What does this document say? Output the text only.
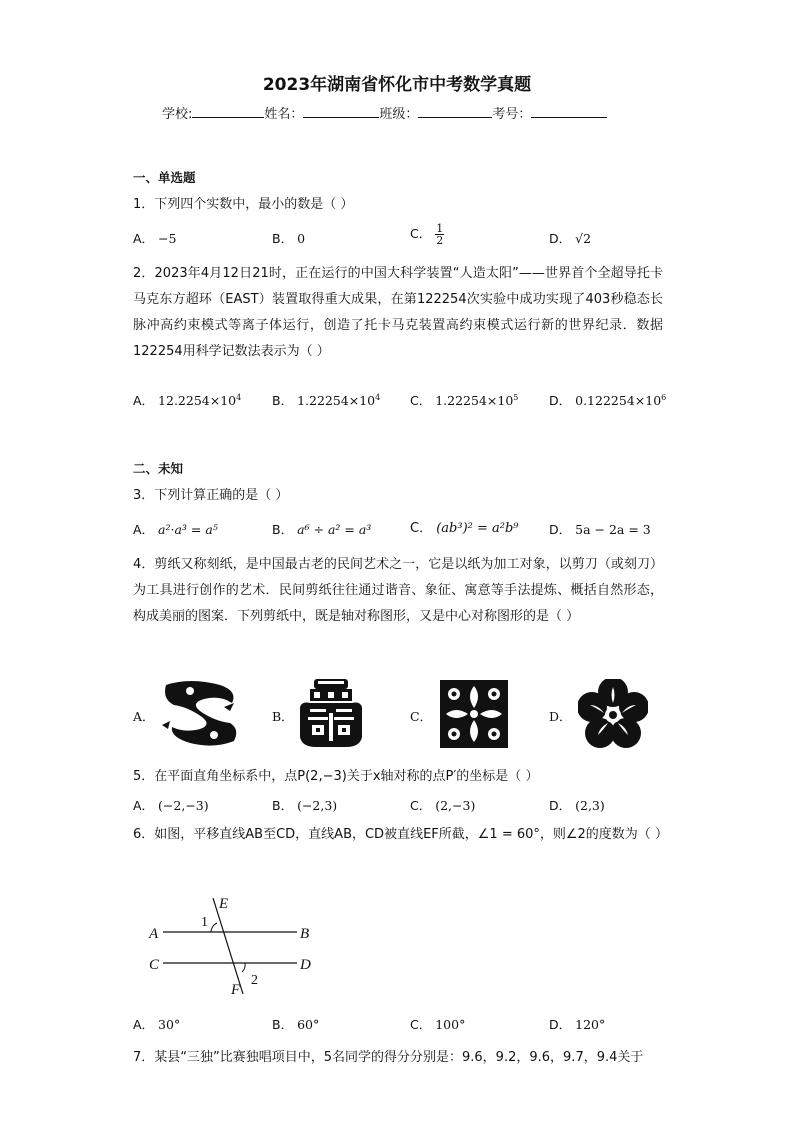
2023年湖南省怀化市中考数学真题
学校:	姓名：	班级：	考号：
一、单选题
1．下列四个实数中，最小的数是（ ）
A． −5	B． 0	C． $\frac{1}{2}$	D． √2
2．2023年4月12日21时，正在运行的中国大科学装置“人造太阳”——世界首个全超导托卡马克东方超环（EAST）装置取得重大成果，在第122254次实验中成功实现了403秒稳态长脉冲高约束模式等离子体运行，创造了托卡马克装置高约束模式运行新的世界纪录．数据122254用科学记数法表示为（ ）
A． $12.2254\times 10^4$ B． $1.22254\times 10^4$ C． $1.22254\times 10^5$ D． $0.122254\times 10^6$
二、未知
3．下列计算正确的是（ ）
A． a²·a³ = a⁵	B． a⁶ ÷ a² = a³	C． (ab³)² = a²b⁹ D． 5a − 2a = 3
4．剪纸又称刻纸，是中国最古老的民间艺术之一，它是以纸为加工对象，以剪刀（或刻刀）为工具进行创作的艺术．民间剪纸往往通过谐音、象征、寓意等手法提炼、概括自然形态，构成美丽的图案．下列剪纸中，既是轴对称图形，又是中心对称图形的是（ ）
A．	B．	C．	D．
5．在平面直角坐标系中，点P(2,−3)关于x轴对称的点P′的坐标是（ ）
A． (−2,−3)	B． (−2,3)	C． (2,−3)	D． (2,3)
6．如图，平移直线AB至CD，直线AB，CD被直线EF所截，∠1 = 60°，则∠2的度数为（ ）
A	B
C	D
E
F
1
2
A． 30°	B． 60°	C． 100°	D． 120°
7．某县“三独”比赛独唱项目中，5名同学的得分分别是：9.6，9.2，9.6，9.7，9.4关于
